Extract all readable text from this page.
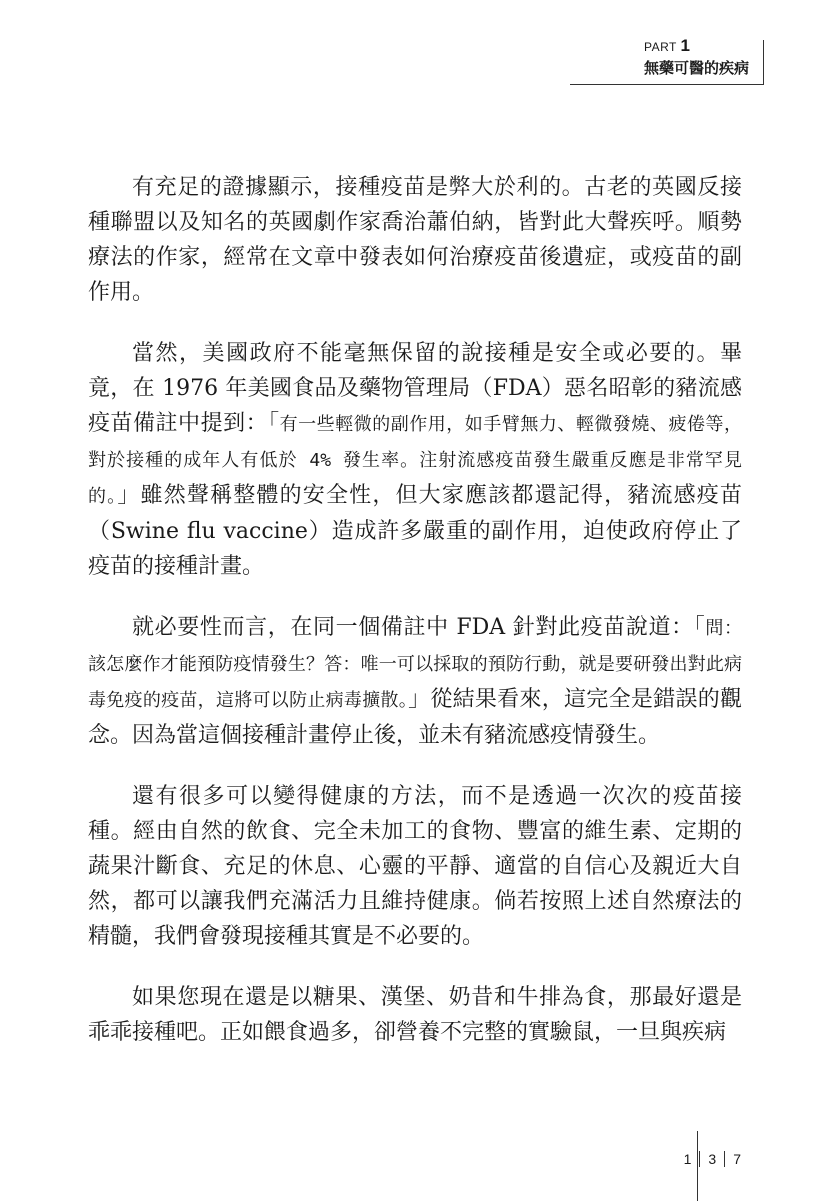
PART 1
無藥可醫的疾病

有充足的證據顯示，接種疫苗是弊大於利的。古老的英國反接種聯盟以及知名的英國劇作家喬治蕭伯納，皆對此大聲疾呼。順勢療法的作家，經常在文章中發表如何治療疫苗後遺症，或疫苗的副作用。

當然，美國政府不能毫無保留的說接種是安全或必要的。畢竟，在 1976 年美國食品及藥物管理局（FDA）惡名昭彰的豬流感疫苗備註中提到：「有一些輕微的副作用，如手臂無力、輕微發燒、疲倦等，對於接種的成年人有低於 4% 發生率。注射流感疫苗發生嚴重反應是非常罕見的。」雖然聲稱整體的安全性，但大家應該都還記得，豬流感疫苗（Swine flu vaccine）造成許多嚴重的副作用，迫使政府停止了疫苗的接種計畫。

就必要性而言，在同一個備註中 FDA 針對此疫苗說道：「問：該怎麼作才能預防疫情發生？答：唯一可以採取的預防行動，就是要研發出對此病毒免疫的疫苗，這將可以防止病毒擴散。」從結果看來，這完全是錯誤的觀念。因為當這個接種計畫停止後，並未有豬流感疫情發生。

還有很多可以變得健康的方法，而不是透過一次次的疫苗接種。經由自然的飲食、完全未加工的食物、豐富的維生素、定期的蔬果汁斷食、充足的休息、心靈的平靜、適當的自信心及親近大自然，都可以讓我們充滿活力且維持健康。倘若按照上述自然療法的精髓，我們會發現接種其實是不必要的。

如果您現在還是以糖果、漢堡、奶昔和牛排為食，那最好還是乖乖接種吧。正如餵食過多，卻營養不完整的實驗鼠，一旦與疾病

1	3	7
